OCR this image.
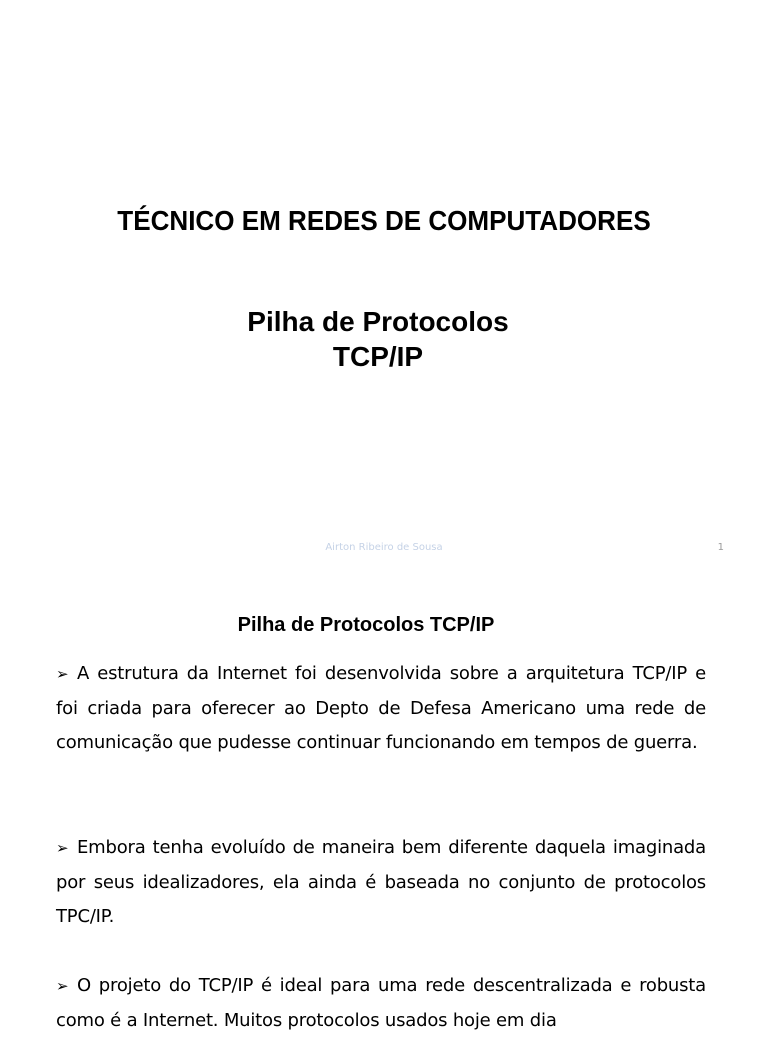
TÉCNICO EM REDES DE COMPUTADORES
Pilha de Protocolos
TCP/IP
Airton Ribeiro de Sousa	1
Pilha de Protocolos TCP/IP
➢ A estrutura da Internet foi desenvolvida sobre a arquitetura TCP/IP e foi criada para oferecer ao Depto de Defesa Americano uma rede de comunicação que pudesse continuar funcionando em tempos de guerra.
➢ Embora tenha evoluído de maneira bem diferente daquela imaginada por seus idealizadores, ela ainda é baseada no conjunto de protocolos TPC/IP.
➢ O projeto do TCP/IP é ideal para uma rede descentralizada e robusta como é a Internet. Muitos protocolos usados hoje em dia
